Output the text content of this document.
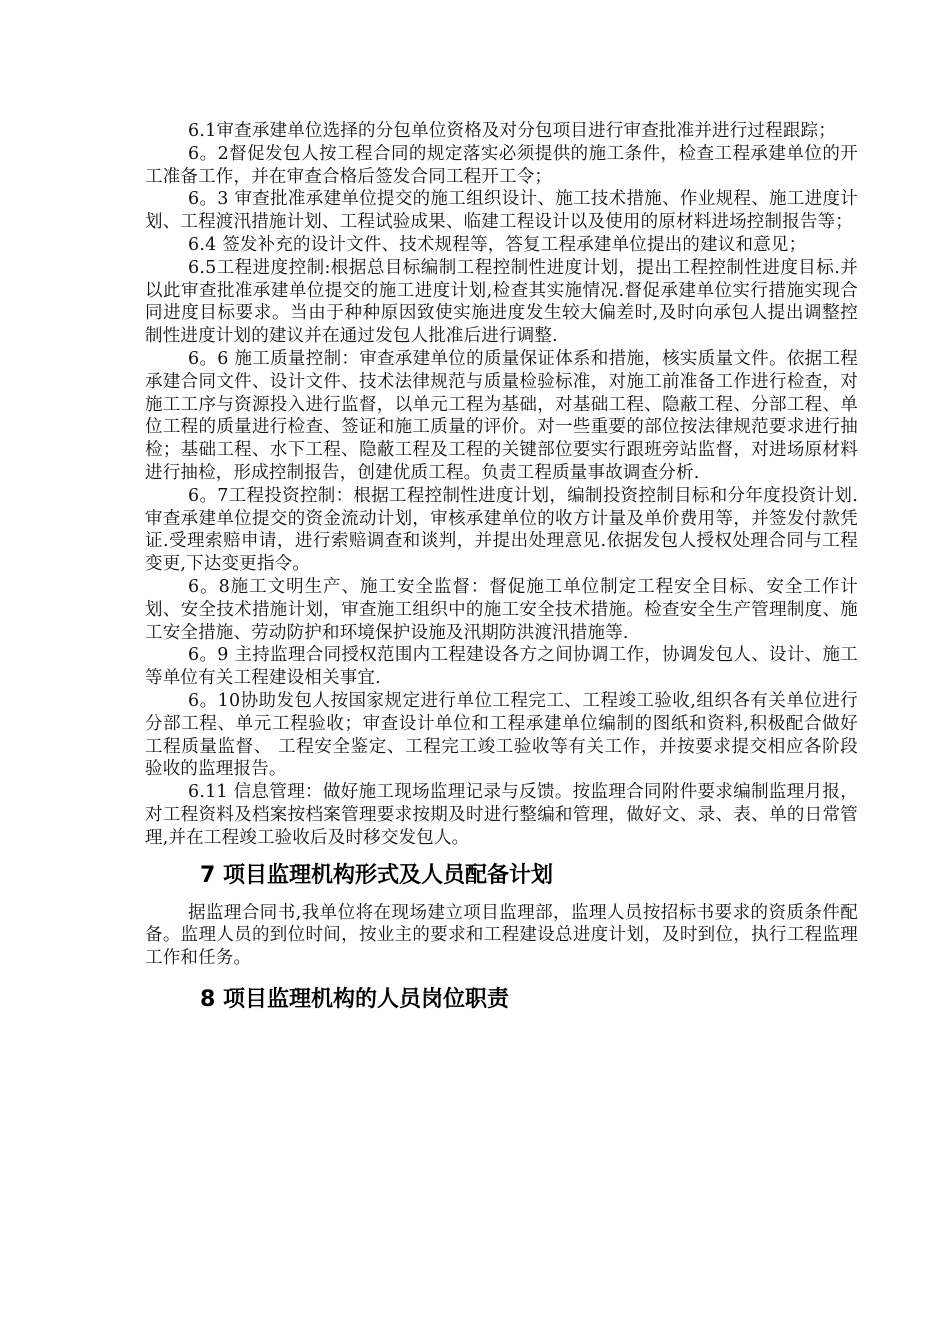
6.1审查承建单位选择的分包单位资格及对分包项目进行审查批准并进行过程跟踪；

6。2督促发包人按工程合同的规定落实必须提供的施工条件，检查工程承建单位的开工准备工作，并在审查合格后签发合同工程开工令；

6。3 审查批准承建单位提交的施工组织设计、施工技术措施、作业规程、施工进度计划、工程渡汛措施计划、工程试验成果、临建工程设计以及使用的原材料进场控制报告等；

6.4 签发补充的设计文件、技术规程等，答复工程承建单位提出的建议和意见；

6.5工程进度控制:根据总目标编制工程控制性进度计划，提出工程控制性进度目标.并以此审查批准承建单位提交的施工进度计划,检查其实施情况.督促承建单位实行措施实现合同进度目标要求。当由于种种原因致使实施进度发生较大偏差时,及时向承包人提出调整控制性进度计划的建议并在通过发包人批准后进行调整.

6。6 施工质量控制：审查承建单位的质量保证体系和措施，核实质量文件。依据工程承建合同文件、设计文件、技术法律规范与质量检验标准，对施工前准备工作进行检查，对施工工序与资源投入进行监督，以单元工程为基础，对基础工程、隐蔽工程、分部工程、单位工程的质量进行检查、签证和施工质量的评价。对一些重要的部位按法律规范要求进行抽检；基础工程、水下工程、隐蔽工程及工程的关键部位要实行跟班旁站监督，对进场原材料进行抽检，形成控制报告，创建优质工程。负责工程质量事故调查分析.

6。7工程投资控制：根据工程控制性进度计划，编制投资控制目标和分年度投资计划.审查承建单位提交的资金流动计划，审核承建单位的收方计量及单价费用等，并签发付款凭证.受理索赔申请，进行索赔调查和谈判，并提出处理意见.依据发包人授权处理合同与工程变更,下达变更指令。

6。8施工文明生产、施工安全监督：督促施工单位制定工程安全目标、安全工作计划、安全技术措施计划，审查施工组织中的施工安全技术措施。检查安全生产管理制度、施工安全措施、劳动防护和环境保护设施及汛期防洪渡汛措施等.

6。9 主持监理合同授权范围内工程建设各方之间协调工作，协调发包人、设计、施工等单位有关工程建设相关事宜.

6。10协助发包人按国家规定进行单位工程完工、工程竣工验收,组织各有关单位进行分部工程、单元工程验收；审查设计单位和工程承建单位编制的图纸和资料,积极配合做好工程质量监督、 工程安全鉴定、工程完工竣工验收等有关工作，并按要求提交相应各阶段验收的监理报告。

6.11 信息管理：做好施工现场监理记录与反馈。按监理合同附件要求编制监理月报，对工程资料及档案按档案管理要求按期及时进行整编和管理，做好文、录、表、单的日常管理,并在工程竣工验收后及时移交发包人。

7 项目监理机构形式及人员配备计划

据监理合同书,我单位将在现场建立项目监理部，监理人员按招标书要求的资质条件配备。监理人员的到位时间，按业主的要求和工程建设总进度计划，及时到位，执行工程监理工作和任务。

8 项目监理机构的人员岗位职责
